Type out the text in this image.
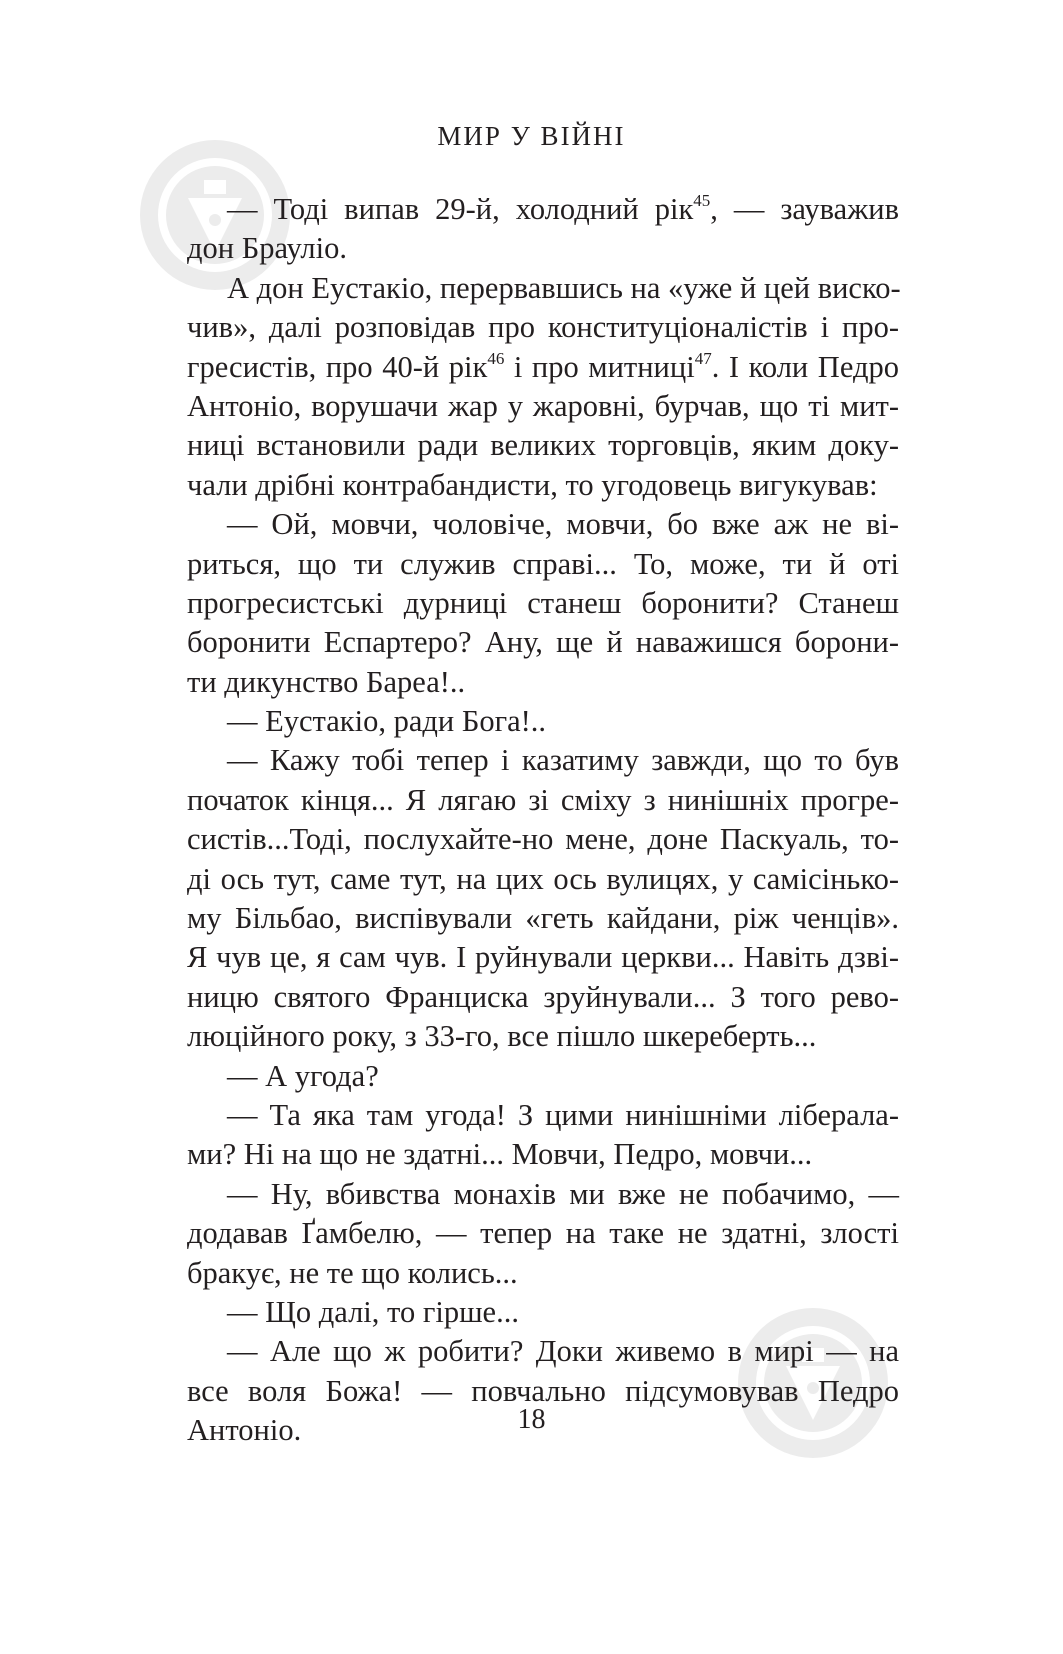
МИР У ВІЙНІ
— Тоді випав 29-й, холодний рік$^{45}$, — зауважив
дон Брауліо.
А дон Еустакіо, перервавшись на «уже й цей виско-
чив», далі розповідав про конституціоналістів і про-
гресистів, про 40-й рік$^{46}$ і про митниці$^{47}$. І коли Педро
Антоніо, ворушачи жар у жаровні, бурчав, що ті мит-
ниці встановили ради великих торговців, яким доку-
чали дрібні контрабандисти, то угодовець вигукував:
— Ой, мовчи, чоловіче, мовчи, бо вже аж не ві-
риться, що ти служив справі... То, може, ти й оті
прогресистські дурниці станеш боронити? Станеш
боронити Еспартеро? Ану, ще й наважишся борони-
ти дикунство Бареа!..
— Еустакіо, ради Бога!..
— Кажу тобі тепер і казатиму завжди, що то був
початок кінця... Я лягаю зі сміху з нинішніх прогре-
систів...Тоді, послухайте-но мене, доне Паскуаль, то-
ді ось тут, саме тут, на цих ось вулицях, у самісінько-
му Більбао, виспівували «геть кайдани, ріж ченців».
Я чув це, я сам чув. І руйнували церкви... Навіть дзві-
ницю святого Франциска зруйнували... З того рево-
люційного року, з 33-го, все пішло шкереберть...
— А угода?
— Та яка там угода! З цими нинішніми ліберала-
ми? Ні на що не здатні... Мовчи, Педро, мовчи...
— Ну, вбивства монахів ми вже не побачимо, —
додавав Ґамбелю, — тепер на таке не здатні, злості
бракує, не те що колись...
— Що далі, то гірше...
— Але що ж робити? Доки живемо в мирі — на
все воля Божа! — повчально підсумовував Педро
Антоніо.	18
